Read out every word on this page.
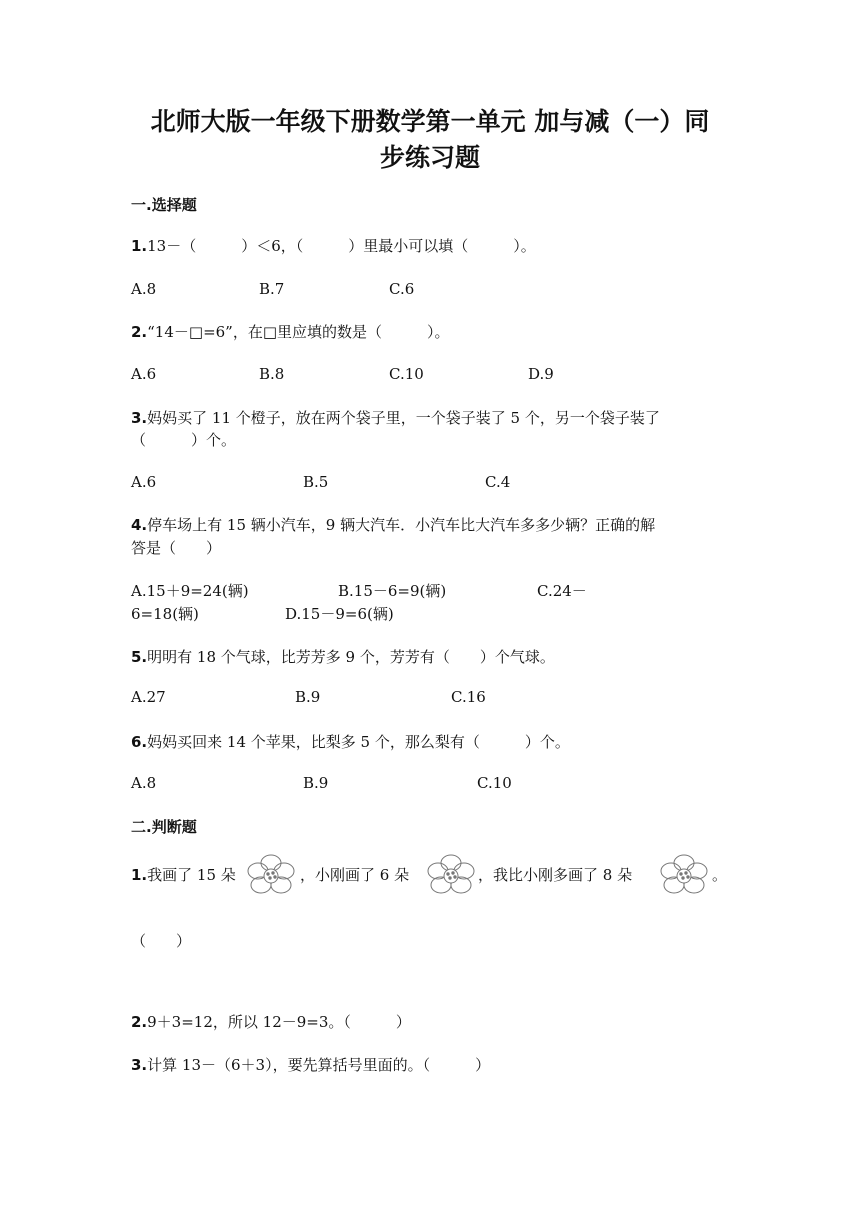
北师大版一年级下册数学第一单元 加与减（一）同
步练习题
一.选择题
1.13－（　　　）＜6，（　　　）里最小可以填（　　　）。
A.8	B.7	C.6
2.“14－□=6”，在□里应填的数是（　　　）。
A.6	B.8	C.10	D.9
3.妈妈买了 11 个橙子，放在两个袋子里，一个袋子装了 5 个，另一个袋子装了
（　　　）个。
A.6	B.5	C.4
4.停车场上有 15 辆小汽车，9 辆大汽车．小汽车比大汽车多多少辆？正确的解
答是（　　）
A.15＋9=24(辆)	B.15－6=9(辆)	C.24－
6=18(辆)	D.15－9=6(辆)
5.明明有 18 个气球，比芳芳多 9 个，芳芳有（　　）个气球。
A.27	B.9	C.16
6.妈妈买回来 14 个苹果，比梨多 5 个，那么梨有（　　　）个。
A.8	B.9	C.10
二.判断题
1.我画了 15 朵	，小刚画了 6 朵	，我比小刚多画了 8 朵	。
（　　）
2.9＋3=12，所以 12－9=3。（　　　）
3.计算 13－（6＋3），要先算括号里面的。（　　　）
